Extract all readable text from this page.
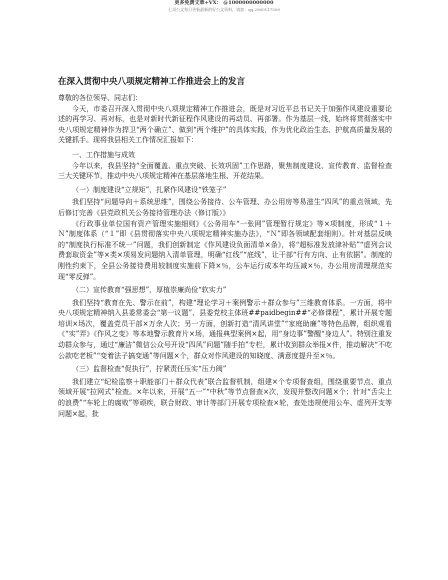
更多免费文章+VX： @1000000000000
七哥公文每日更新最新的好公文资料，请加：qq 2900117509
在深入贯彻中央八项规定精神工作推进会上的发言

尊敬的各位领导、同志们：

今天，市委召开深入贯彻中央八项规定精神工作推进会，既是对习近平总书记关于加强作风建设重要论述的再学习、再对标，也是对新时代新征程作风建设的再动员、再部署。作为基层一线，始终将贯彻落实中央八项规定精神作为捍卫“两个确立”、做到“两个维护”的具体实践，作为优化政治生态、护航高质量发展的关键抓手。现将我县相关工作情况汇报如下：

一、工作措施与成效

今年以来，我县坚持“全面覆盖、重点突破、长效巩固”工作思路，聚焦制度建设、宣传教育、监督检查三大关键环节，推动中央八项规定精神在基层落地生根、开花结果。

（一）制度建设“立规矩”，扎紧作风建设“铁笼子”

我们坚持“问题导向＋系统思维”，围绕公务接待、公车管理、办公用房等易滋生“四风”的重点领域，先后修订完善《县党政机关公务接待管理办法（修订版）》

《行政事业单位国有资产管理实施细则》《公务用车“一张网”管理暂行规定》等×项制度，形成“１＋Ｎ”制度体系（“１”即《县贯彻落实中央八项规定精神实施办法》，“Ｎ”即各领域配套细则）。针对基层反映的“制度执行标准不统一”问题，我们创新制定《作风建设负面清单×条》，将“超标准发放津补贴”“虚列会议费套取资金”等×类×项易发问题纳入清单管理，明确“红线”“底线”，让干部“行有方向、止有依据”。制度的刚性约束下，全县公务接待费用较制度实施前下降×％，公车运行成本年均压减×％，办公用房清理规范实现“零反弹”。

（二）宣传教育“强思想”，厚植崇廉尚俭“软实力”

我们坚持“教育在先、警示在前”，构建“理论学习＋案例警示＋群众参与”三维教育体系。一方面，将中央八项规定精神纳入县委常委会“第一议题”、县委党校主体班##paidbegin##“必修课程”，累计开展专题培训×场次，覆盖党员干部×万余人次；另一方面，创新打造“清风讲堂”“家庭助廉”等特色品牌，组织观看《“实”弄》《作风之变》等本地警示教育片×场，通报典型案例×起，用“身边事”警醒“身边人”。特别注重发动群众参与，通过“廉洁”微信公众号开设“四风”问题”随手拍”专栏，累计收到群众举报×件，推动解决“不吃公款吃老板”“变着法子搞变通”等问题×个，群众对作风建设的知晓度、满意度提升至×％。

（三）监督检查“促执行”，拧紧责任压实“压力阀”

我们建立“纪检监察＋职能部门＋群众代表”联合监督机制，组建×个专项督查组，围绕重要节点、重点领域开展“拉网式”检查。×年以来，开展“五一”“中秋”等节点督查×次，发现并整改问题×个；针对“舌尖上的浪费”“车轮上的腐败”等顽疾，联合财政、审计等部门开展专项检查×轮，查处违规使用公车、虚列开支等问题×起，批
